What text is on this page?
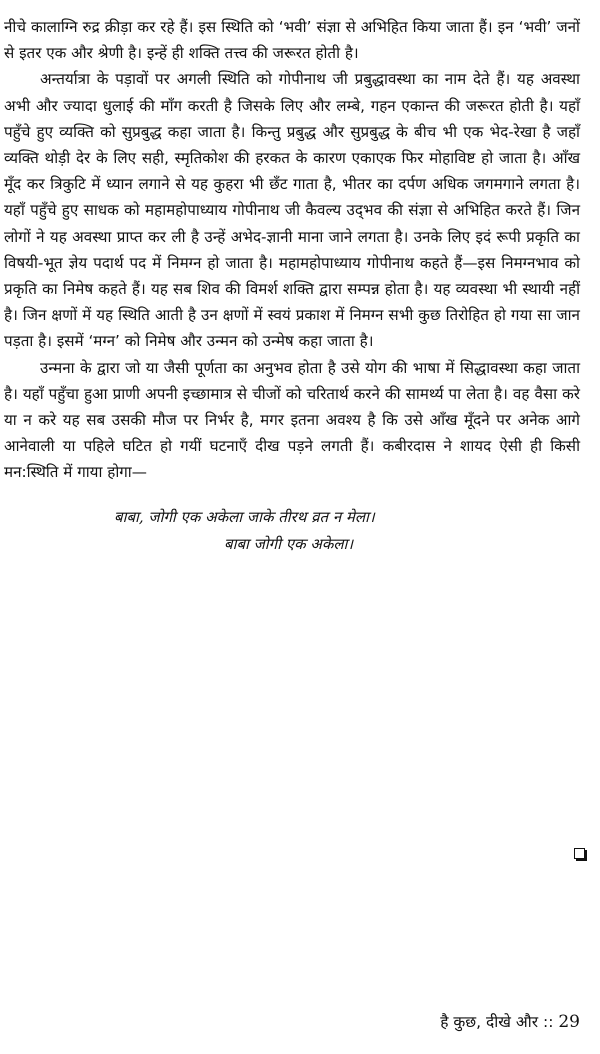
नीचे कालाग्नि रुद्र क्रीड़ा कर रहे हैं। इस स्थिति को ‘भवी’ संज्ञा से अभिहित किया जाता हैं। इन ‘भवी’ जनों से इतर एक और श्रेणी है। इन्हें ही शक्ति तत्त्व की जरूरत होती है।

अन्तर्यात्रा के पड़ावों पर अगली स्थिति को गोपीनाथ जी प्रबुद्धावस्था का नाम देते हैं। यह अवस्था अभी और ज्यादा धुलाई की माँग करती है जिसके लिए और लम्बे, गहन एकान्त की जरूरत होती है। यहाँ पहुँचे हुए व्यक्ति को सुप्रबुद्ध कहा जाता है। किन्तु प्रबुद्ध और सुप्रबुद्ध के बीच भी एक भेद-रेखा है जहाँ व्यक्ति थोड़ी देर के लिए सही, स्मृतिकोश की हरकत के कारण एकाएक फिर मोहाविष्ट हो जाता है। आँख मूँद कर त्रिकुटि में ध्यान लगाने से यह कुहरा भी छँट गाता है, भीतर का दर्पण अधिक जगमगाने लगता है। यहाँ पहुँचे हुए साधक को महामहोपाध्याय गोपीनाथ जी कैवल्य उद्‌भव की संज्ञा से अभिहित करते हैं। जिन लोगों ने यह अवस्था प्राप्त कर ली है उन्हें अभेद-ज्ञानी माना जाने लगता है। उनके लिए इदं रूपी प्रकृति का विषयी-भूत ज्ञेय पदार्थ पद में निमग्न हो जाता है। महामहोपाध्याय गोपीनाथ कहते हैं—इस निमग्नभाव को प्रकृति का निमेष कहते हैं। यह सब शिव की विमर्श शक्ति द्वारा सम्पन्न होता है। यह व्यवस्था भी स्थायी नहीं है। जिन क्षणों में यह स्थिति आती है उन क्षणों में स्वयं प्रकाश में निमग्न सभी कुछ तिरोहित हो गया सा जान पड़ता है। इसमें ‘मग्न’ को निमेष और उन्मन को उन्मेष कहा जाता है।

उन्मना के द्वारा जो या जैसी पूर्णता का अनुभव होता है उसे योग की भाषा में सिद्धावस्था कहा जाता है। यहाँ पहुँचा हुआ प्राणी अपनी इच्छामात्र से चीजों को चरितार्थ करने की सामर्थ्य पा लेता है। वह वैसा करे या न करे यह सब उसकी मौज पर निर्भर है, मगर इतना अवश्य है कि उसे आँख मूँदने पर अनेक आगे आनेवाली या पहिले घटित हो गयीं घटनाएँ दीख पड़ने लगती हैं। कबीरदास ने शायद ऐसी ही किसी मन:स्थिति में गाया होगा—

बाबा, जोगी एक अकेला जाके तीरथ व्रत न मेला।
बाबा जोगी एक अकेला।
है कुछ, दीखे और :: 29
